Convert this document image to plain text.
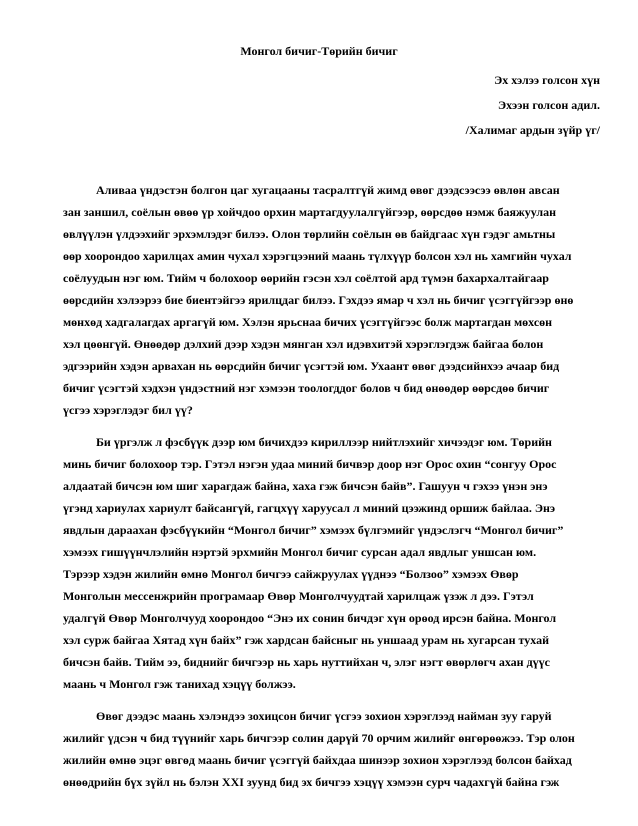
Монгол бичиг-Төрийн бичиг
Эх хэлээ голсон хүн
Эхээн голсон адил.
/Халимаг ардын зүйр үг/
Аливаа үндэстэн болгон цаг хугацааны тасралтгүй жимд өвөг дээдсээсээ өвлөн авсан
зан заншил, соёлын өвөө үр хойчдоо орхин мартагдуулалгүйгээр, өөрсдөө нэмж баяжуулан
өвлүүлэн үлдээхийг эрхэмлэдэг билээ. Олон төрлийн соёлын өв байдгаас хүн гэдэг амьтны
өөр хоорондоо харилцах амин чухал хэрэгцээний маань түлхүүр болсон хэл нь хамгийн чухал
соёлуудын нэг юм. Тийм ч болохоор өөрийн гэсэн хэл соёлтой ард түмэн бахархалтайгаар
өөрсдийн хэлээрээ бие биентэйгээ ярилцдаг билээ. Гэхдээ ямар ч хэл нь бичиг үсэггүйгээр өнө
мөнхөд хадгалагдах аргагүй юм. Хэлэн ярьснаа бичих үсэггүйгээс болж мартагдан мөхсөн
хэл цөөнгүй. Өнөөдөр дэлхий дээр хэдэн мянган хэл идэвхитэй хэрэглэгдэж байгаа болон
эдгээрийн хэдэн арвахан нь өөрсдийн бичиг үсэгтэй юм. Ухаант өвөг дээдсийнхээ ачаар бид
бичиг үсэгтэй хэдхэн үндэстний нэг хэмээн тоологддог болов ч бид өнөөдөр өөрсдөө бичиг
үсгээ хэрэглэдэг бил үү?
Би үргэлж л фэсбүүк дээр юм бичихдээ кириллээр нийтлэхийг хичээдэг юм. Төрийн
минь бичиг болохоор тэр. Гэтэл нэгэн удаа миний бичвэр доор нэг Орос охин “сонгуу Орос
алдаатай бичсэн юм шиг харагдаж байна, хаха гэж бичсэн байв”. Гашуун ч гэхээ үнэн энэ
үгэнд хариулах хариулт байсангүй, гагцхүү харуусал л миний цээжинд оршиж байлаа. Энэ
явдлын дараахан фэсбүүкийн “Монгол бичиг” хэмээх бүлгэмийг үндэслэгч “Монгол бичиг”
хэмээх гишүүнчлэлийн нэртэй эрхмийн Монгол бичиг сурсан адал явдлыг уншсан юм.
Тэрээр хэдэн жилийн өмнө Монгол бичгээ сайжруулах үүднээ “Болзоо” хэмээх Өвөр
Монголын мессенжрийн програмаар Өвөр Монголчуудтай харилцаж үзэж л дээ. Гэтэл
удалгүй Өвөр Монголчууд хоорондоо “Энэ их сонин бичдэг хүн орөод ирсэн байна. Монгол
хэл сурж байгаа Хятад хүн байх” гэж хардсан байсныг нь уншаад урам нь хугарсан тухай
бичсэн байв. Тийм ээ, биднийг бичгээр нь харь нуттийхан ч, элэг нэгт өвөрлөгч ахан дүүс
маань ч Монгол гэж танихад хэцүү болжээ.
Өвөг дээдэс маань хэлэндээ зохицсон бичиг үсгээ зохион хэрэглээд найман зуу гаруй
жилийг үдсэн ч бид түүнийг харь бичгээр солин дарүй 70 орчим жилийг өнгөрөөжээ. Тэр олон
жилийн өмнө эцэг өвгөд маань бичиг үсэггүй байхдаа шинээр зохион хэрэглээд болсон байхад
өнөөдрийн бүх зүйл нь бэлэн XXI зуунд бид эх бичгээ хэцүү хэмээн сурч чадахгүй байна гэж
